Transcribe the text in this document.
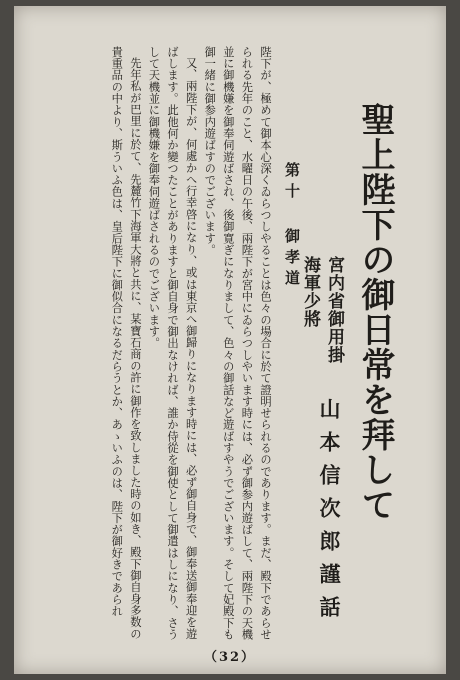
聖上陛下の御日常を拜して
宮内省御用掛
海軍少將
山本信次郎謹話
第十 御孝道

陛下が、極めて御本心深くゐらつしやることは色々の場合に於て證明せられるのであります。まだ、殿下であらせられる先年のこと、水曜日の午後、兩陛下が宮中にゐらつしやいます時には、必ず御参内遊ばして、兩陛下の天機並に御機嫌を御奉伺遊ばされ、後御寛ぎになりまして、色々の御話など遊ばすやうでございます。そして妃殿下も御一緒に御参内遊ばすのでございます。

又、兩陛下が、何處かへ行幸啓になり、或は東京へ御歸りになります時には、必ず御自身で、御奉送御奉迎を遊ばします。此他何か變つたことがありますと御自身で御出なければ、誰か侍從を御使として御遣はしになり、さうして天機並に御機嫌を御奉伺遊ばされるのでございます。

先年私が巴里に於て、先麓竹下海軍大將と共に、某寶石商の許に御作を致しました時の如き、殿下御自身多数の貴重品の中より、斯ういふ色は、皇后陛下に御似合になるだらうとか、あゝいふのは、陛下が御好きであられ

（32）
